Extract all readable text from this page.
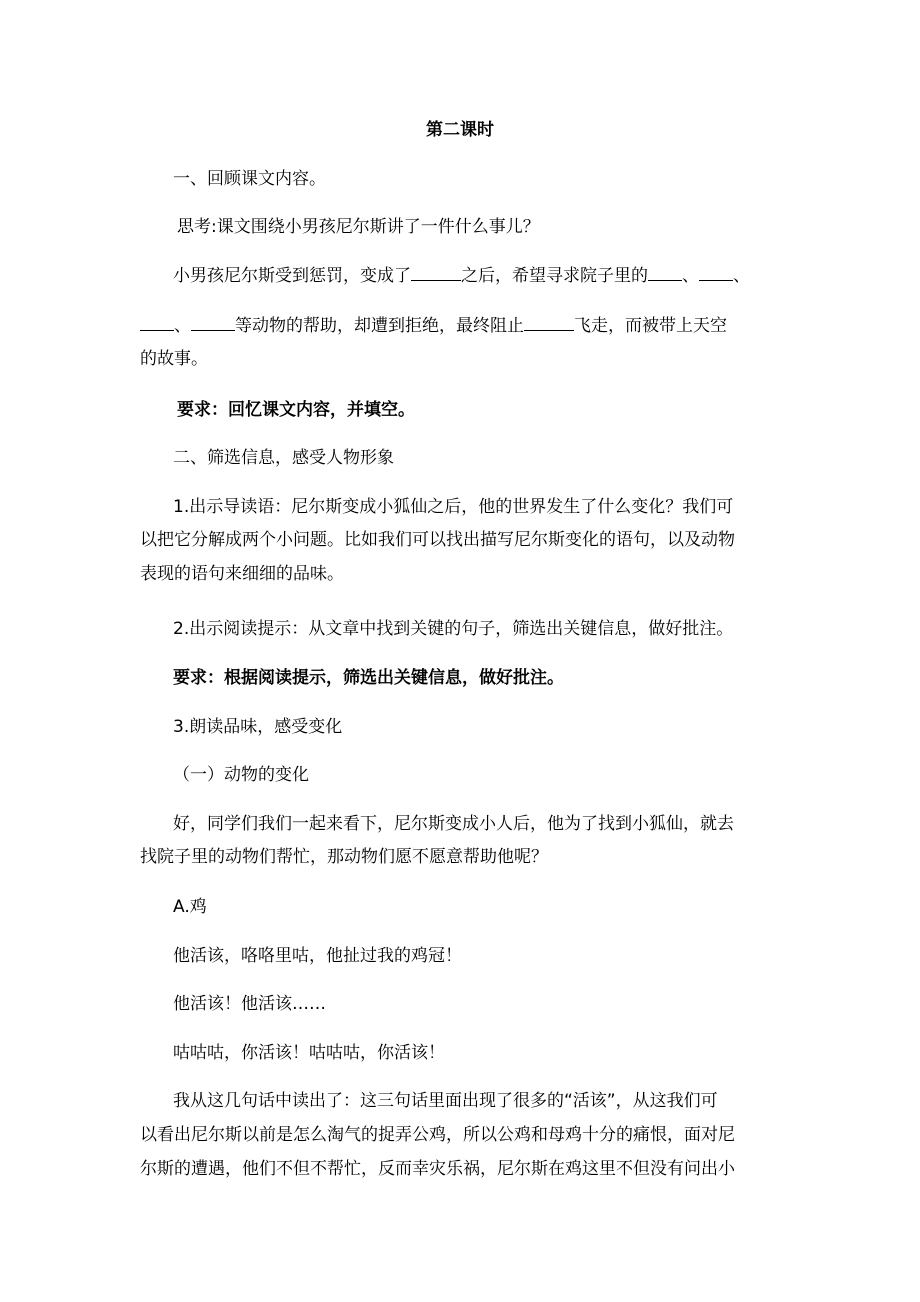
第二课时
一、回顾课文内容。
思考:课文围绕小男孩尼尔斯讲了一件什么事儿？
小男孩尼尔斯受到惩罚，变成了	之后，希望寻求院子里的 、 、
、	等动物的帮助，却遭到拒绝，最终阻止	飞走，而被带上天空
的故事。
要求：回忆课文内容，并填空。
二、筛选信息，感受人物形象
1.出示导读语：尼尔斯变成小狐仙之后，他的世界发生了什么变化？我们可
以把它分解成两个小问题。比如我们可以找出描写尼尔斯变化的语句，以及动物
表现的语句来细细的品味。
2.出示阅读提示：从文章中找到关键的句子，筛选出关键信息，做好批注。
要求：根据阅读提示，筛选出关键信息，做好批注。
3.朗读品味，感受变化
（一）动物的变化
好，同学们我们一起来看下，尼尔斯变成小人后，他为了找到小狐仙，就去
找院子里的动物们帮忙，那动物们愿不愿意帮助他呢？
A.鸡
他活该，咯咯里咕，他扯过我的鸡冠！
他活该！他活该……
咕咕咕，你活该！咕咕咕，你活该！
我从这几句话中读出了：这三句话里面出现了很多的“活该”，从这我们可
以看出尼尔斯以前是怎么淘气的捉弄公鸡，所以公鸡和母鸡十分的痛恨，面对尼
尔斯的遭遇，他们不但不帮忙，反而幸灾乐祸，尼尔斯在鸡这里不但没有问出小
